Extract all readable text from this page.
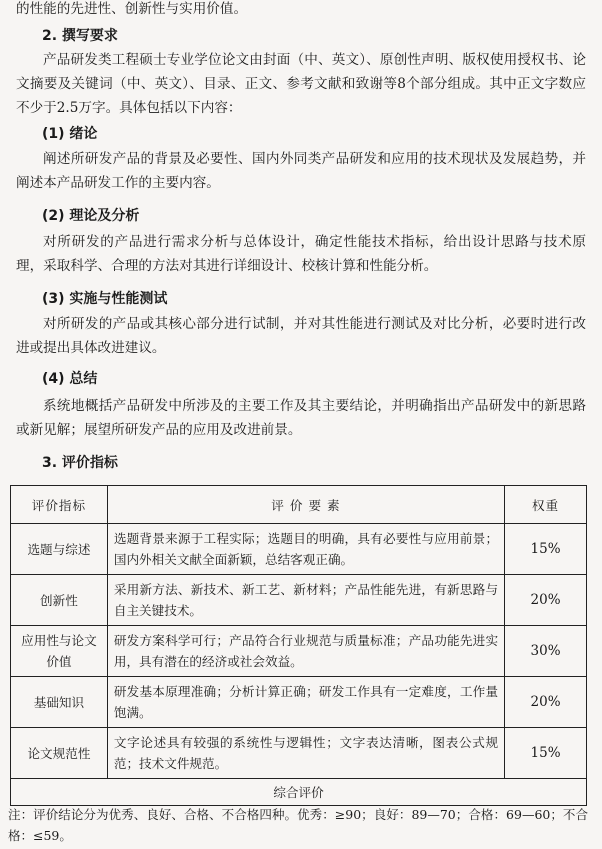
的性能的先进性、创新性与实用价值。

2. 撰写要求

产品研发类工程硕士专业学位论文由封面（中、英文）、原创性声明、版权使用授权书、论文摘要及关键词（中、英文）、目录、正文、参考文献和致谢等8个部分组成。其中正文字数应不少于2.5万字。具体包括以下内容：

(1) 绪论

阐述所研发产品的背景及必要性、国内外同类产品研发和应用的技术现状及发展趋势，并阐述本产品研发工作的主要内容。

(2) 理论及分析

对所研发的产品进行需求分析与总体设计，确定性能技术指标，给出设计思路与技术原理，采取科学、合理的方法对其进行详细设计、校核计算和性能分析。

(3) 实施与性能测试

对所研发的产品或其核心部分进行试制，并对其性能进行测试及对比分析，必要时进行改进或提出具体改进建议。

(4) 总结

系统地概括产品研发中所涉及的主要工作及其主要结论，并明确指出产品研发中的新思路或新见解；展望所研发产品的应用及改进前景。

3. 评价指标
评价指标	评 价 要 素	权重
选题与综述	选题背景来源于工程实际；选题目的明确，具有必要性与应用前景；国内外相关文献全面新颖，总结客观正确。	15%
创新性	采用新方法、新技术、新工艺、新材料；产品性能先进，有新思路与自主关键技术。	20%
应用性与论文价值	研发方案科学可行；产品符合行业规范与质量标准；产品功能先进实用，具有潜在的经济或社会效益。	30%
基础知识	研发基本原理准确；分析计算正确；研发工作具有一定难度，工作量饱满。	20%
论文规范性	文字论述具有较强的系统性与逻辑性；文字表达清晰，图表公式规范；技术文件规范。	15%
综合评价		

注：评价结论分为优秀、良好、合格、不合格四种。优秀：≥90；良好：89—70；合格：69—60；不合格：≤59。
